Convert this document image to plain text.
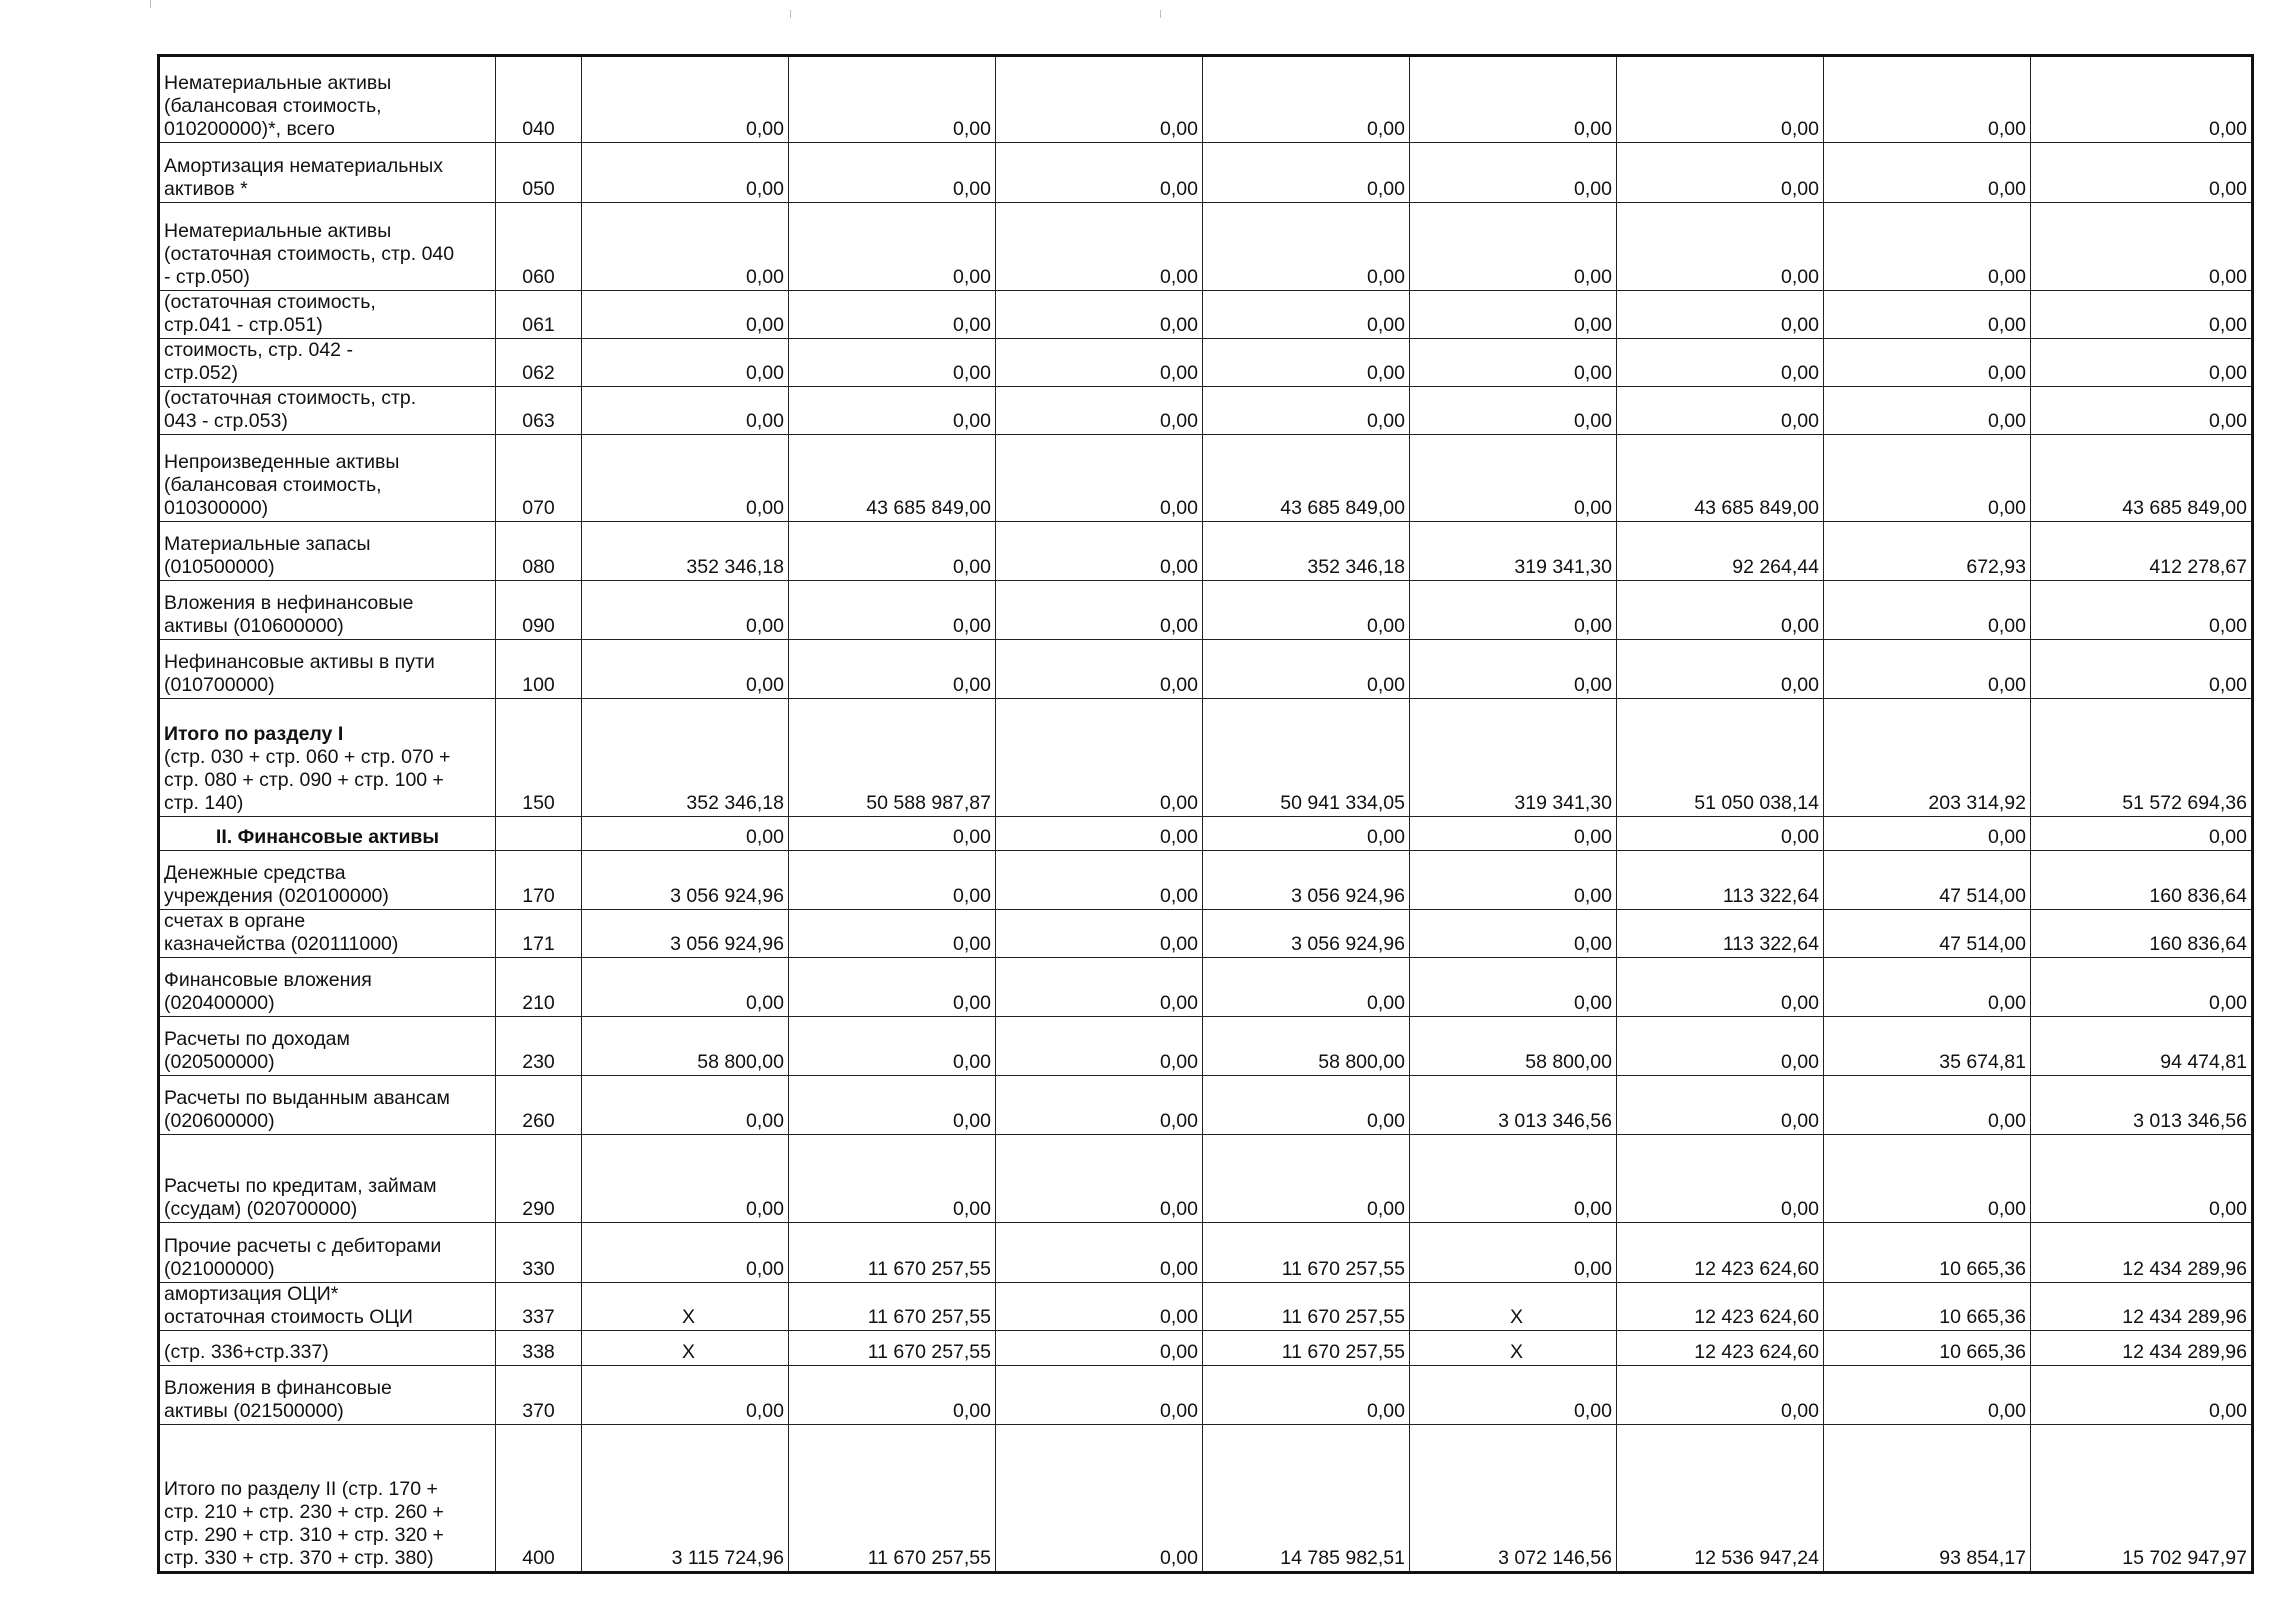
Нематериальные активы
(балансовая стоимость,
010200000)*, всего	040	0,00	0,00	0,00	0,00	0,00	0,00	0,00	0,00

Амортизация нематериальных
активов *	050	0,00	0,00	0,00	0,00	0,00	0,00	0,00	0,00

Нематериальные активы
(остаточная стоимость, стр. 040
- стр.050)	060	0,00	0,00	0,00	0,00	0,00	0,00	0,00	0,00

(остаточная стоимость,
стр.041 - стр.051)	061	0,00	0,00	0,00	0,00	0,00	0,00	0,00	0,00

стоимость, стр. 042 -
стр.052)	062	0,00	0,00	0,00	0,00	0,00	0,00	0,00	0,00

(остаточная стоимость, стр.
043 - стр.053)	063	0,00	0,00	0,00	0,00	0,00	0,00	0,00	0,00

Непроизведенные активы
(балансовая стоимость,
010300000)	070	0,00	43 685 849,00	0,00	43 685 849,00	0,00	43 685 849,00	0,00	43 685 849,00

Материальные запасы
(010500000)	080	352 346,18	0,00	0,00	352 346,18	319 341,30	92 264,44	672,93	412 278,67

Вложения в нефинансовые
активы (010600000)	090	0,00	0,00	0,00	0,00	0,00	0,00	0,00	0,00

Нефинансовые активы в пути
(010700000)	100	0,00	0,00	0,00	0,00	0,00	0,00	0,00	0,00

Итого по разделу I
(стр. 030 + стр. 060 + стр. 070 +
стр. 080 + стр. 090 + стр. 100 +
стр. 140)	150	352 346,18	50 588 987,87	0,00	50 941 334,05	319 341,30	51 050 038,14	203 314,92	51 572 694,36

II. Финансовые активы		0,00	0,00	0,00	0,00	0,00	0,00	0,00	0,00

Денежные средства
учреждения (020100000)	170	3 056 924,96	0,00	0,00	3 056 924,96	0,00	113 322,64	47 514,00	160 836,64

счетах в органе
казначейства (020111000)	171	3 056 924,96	0,00	0,00	3 056 924,96	0,00	113 322,64	47 514,00	160 836,64

Финансовые вложения
(020400000)	210	0,00	0,00	0,00	0,00	0,00	0,00	0,00	0,00

Расчеты по доходам
(020500000)	230	58 800,00	0,00	0,00	58 800,00	58 800,00	0,00	35 674,81	94 474,81

Расчеты по выданным авансам
(020600000)	260	0,00	0,00	0,00	0,00	3 013 346,56	0,00	0,00	3 013 346,56

Расчеты по кредитам, займам
(ссудам) (020700000)	290	0,00	0,00	0,00	0,00	0,00	0,00	0,00	0,00

Прочие расчеты с дебиторами
(021000000)	330	0,00	11 670 257,55	0,00	11 670 257,55	0,00	12 423 624,60	10 665,36	12 434 289,96

амортизация ОЦИ*
остаточная стоимость ОЦИ	337	X	11 670 257,55	0,00	11 670 257,55	X	12 423 624,60	10 665,36	12 434 289,96

(стр. 336+стр.337)	338	X	11 670 257,55	0,00	11 670 257,55	X	12 423 624,60	10 665,36	12 434 289,96

Вложения в финансовые
активы (021500000)	370	0,00	0,00	0,00	0,00	0,00	0,00	0,00	0,00

Итого по разделу II (стр. 170 +
стр. 210 + стр. 230 + стр. 260 +
стр. 290 + стр. 310 + стр. 320 +
стр. 330 + стр. 370 + стр. 380)	400	3 115 724,96	11 670 257,55	0,00	14 785 982,51	3 072 146,56	12 536 947,24	93 854,17	15 702 947,97
